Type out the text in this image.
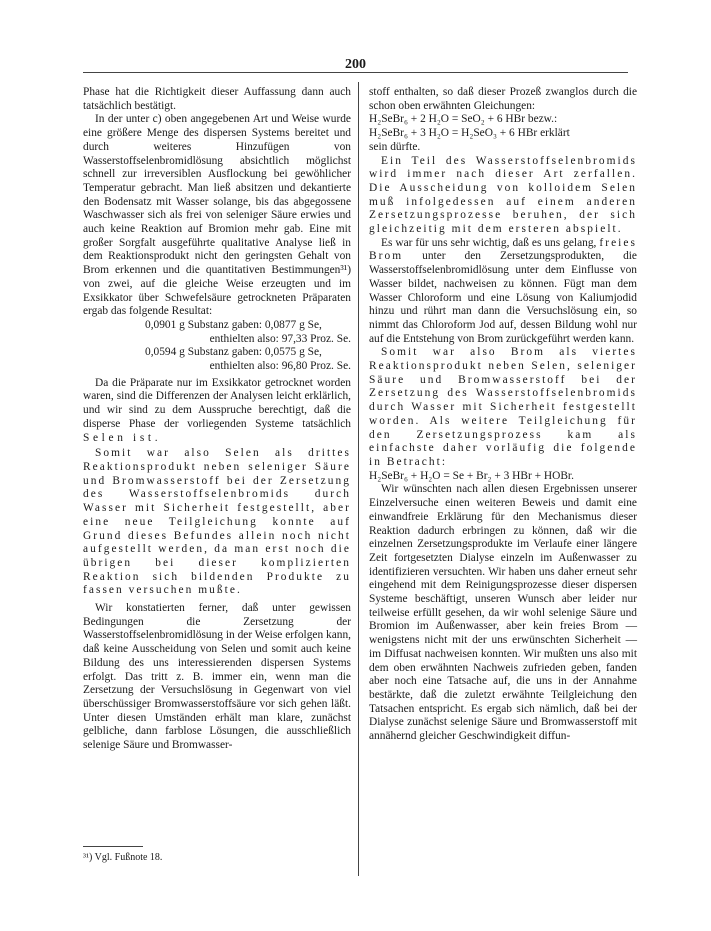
200

Phase hat die Richtigkeit dieser Auffassung dann auch tatsächlich bestätigt.

In der unter c) oben angegebenen Art und Weise wurde eine größere Menge des dispersen Systems bereitet und durch weiteres Hinzufügen von Wasserstoffselenbromidlösung absichtlich möglichst schnell zur irreversiblen Ausflockung bei gewöhlicher Temperatur gebracht. Man ließ absitzen und dekantierte den Bodensatz mit Wasser solange, bis das abgegossene Waschwasser sich als frei von seleniger Säure erwies und auch keine Reaktion auf Bromion mehr gab. Eine mit großer Sorgfalt ausgeführte qualitative Analyse ließ in dem Reaktionsprodukt nicht den geringsten Gehalt von Brom erkennen und die quantitativen Bestimmungen³¹) von zwei, auf die gleiche Weise erzeugten und im Exsikkator über Schwefelsäure getrockneten Präparaten ergab das folgende Resultat:

0,0901 g Substanz gaben: 0,0877 g Se,

enthielten also: 97,33 Proz. Se.

0,0594 g Substanz gaben: 0,0575 g Se,

enthielten also: 96,80 Proz. Se.

Da die Präparate nur im Exsikkator getrocknet worden waren, sind die Differenzen der Analysen leicht erklärlich, und wir sind zu dem Ausspruche berechtigt, daß die disperse Phase der vorliegenden Systeme tatsächlich Selen ist.

Somit war also Selen als drittes Reaktionsprodukt neben seleniger Säure und Bromwasserstoff bei der Zersetzung des Wasserstoffselenbromids durch Wasser mit Sicherheit festgestellt, aber eine neue Teilgleichung konnte auf Grund dieses Befundes allein noch nicht aufgestellt werden, da man erst noch die übrigen bei dieser komplizierten Reaktion sich bildenden Produkte zu fassen versuchen mußte.

Wir konstatierten ferner, daß unter gewissen Bedingungen die Zersetzung der Wasserstoffselenbromidlösung in der Weise erfolgen kann, daß keine Ausscheidung von Selen und somit auch keine Bildung des uns interessierenden dispersen Systems erfolgt. Das tritt z. B. immer ein, wenn man die Zersetzung der Versuchslösung in Gegenwart von viel überschüssiger Bromwasserstoffsäure vor sich gehen läßt. Unter diesen Umständen erhält man klare, zunächst gelbliche, dann farblose Lösungen, die ausschließlich selenige Säure und Bromwasser-

³¹) Vgl. Fußnote 18.

stoff enthalten, so daß dieser Prozeß zwanglos durch die schon oben erwähnten Gleichungen:

H₂SeBr₆ + 2 H₂O = SeO₂ + 6 HBr bezw.:

H₂SeBr₆ + 3 H₂O = H₂SeO₃ + 6 HBr erklärt

sein dürfte.

Ein Teil des Wasserstoffselenbromids wird immer nach dieser Art zerfallen. Die Ausscheidung von kolloidem Selen muß infolgedessen auf einem anderen Zersetzungsprozesse beruhen, der sich gleichzeitig mit dem ersteren abspielt.

Es war für uns sehr wichtig, daß es uns gelang, freies Brom unter den Zersetzungsprodukten, die Wasserstoffselenbromidlösung unter dem Einflusse von Wasser bildet, nachweisen zu können. Fügt man dem Wasser Chloroform und eine Lösung von Kaliumjodid hinzu und rührt man dann die Versuchslösung ein, so nimmt das Chloroform Jod auf, dessen Bildung wohl nur auf die Entstehung von Brom zurückgeführt werden kann.

Somit war also Brom als viertes Reaktionsprodukt neben Selen, seleniger Säure und Bromwasserstoff bei der Zersetzung des Wasserstoffselenbromids durch Wasser mit Sicherheit festgestellt worden. Als weitere Teilgleichung für den Zersetzungsprozess kam als einfachste daher vorläufig die folgende in Betracht:

H₂SeBr₆ + H₂O = Se + Br₂ + 3 HBr + HOBr.

Wir wünschten nach allen diesen Ergebnissen unserer Einzelversuche einen weiteren Beweis und damit eine einwandfreie Erklärung für den Mechanismus dieser Reaktion dadurch erbringen zu können, daß wir die einzelnen Zersetzungsprodukte im Verlaufe einer längere Zeit fortgesetzten Dialyse einzeln im Außenwasser zu identifizieren versuchten. Wir haben uns daher erneut sehr eingehend mit dem Reinigungsprozesse dieser dispersen Systeme beschäftigt, unseren Wunsch aber leider nur teilweise erfüllt gesehen, da wir wohl selenige Säure und Bromion im Außenwasser, aber kein freies Brom — wenigstens nicht mit der uns erwünschten Sicherheit — im Diffusat nachweisen konnten. Wir mußten uns also mit dem oben erwähnten Nachweis zufrieden geben, fanden aber noch eine Tatsache auf, die uns in der Annahme bestärkte, daß die zuletzt erwähnte Teilgleichung den Tatsachen entspricht. Es ergab sich nämlich, daß bei der Dialyse zunächst selenige Säure und Bromwasserstoff mit annähernd gleicher Geschwindigkeit diffun-
